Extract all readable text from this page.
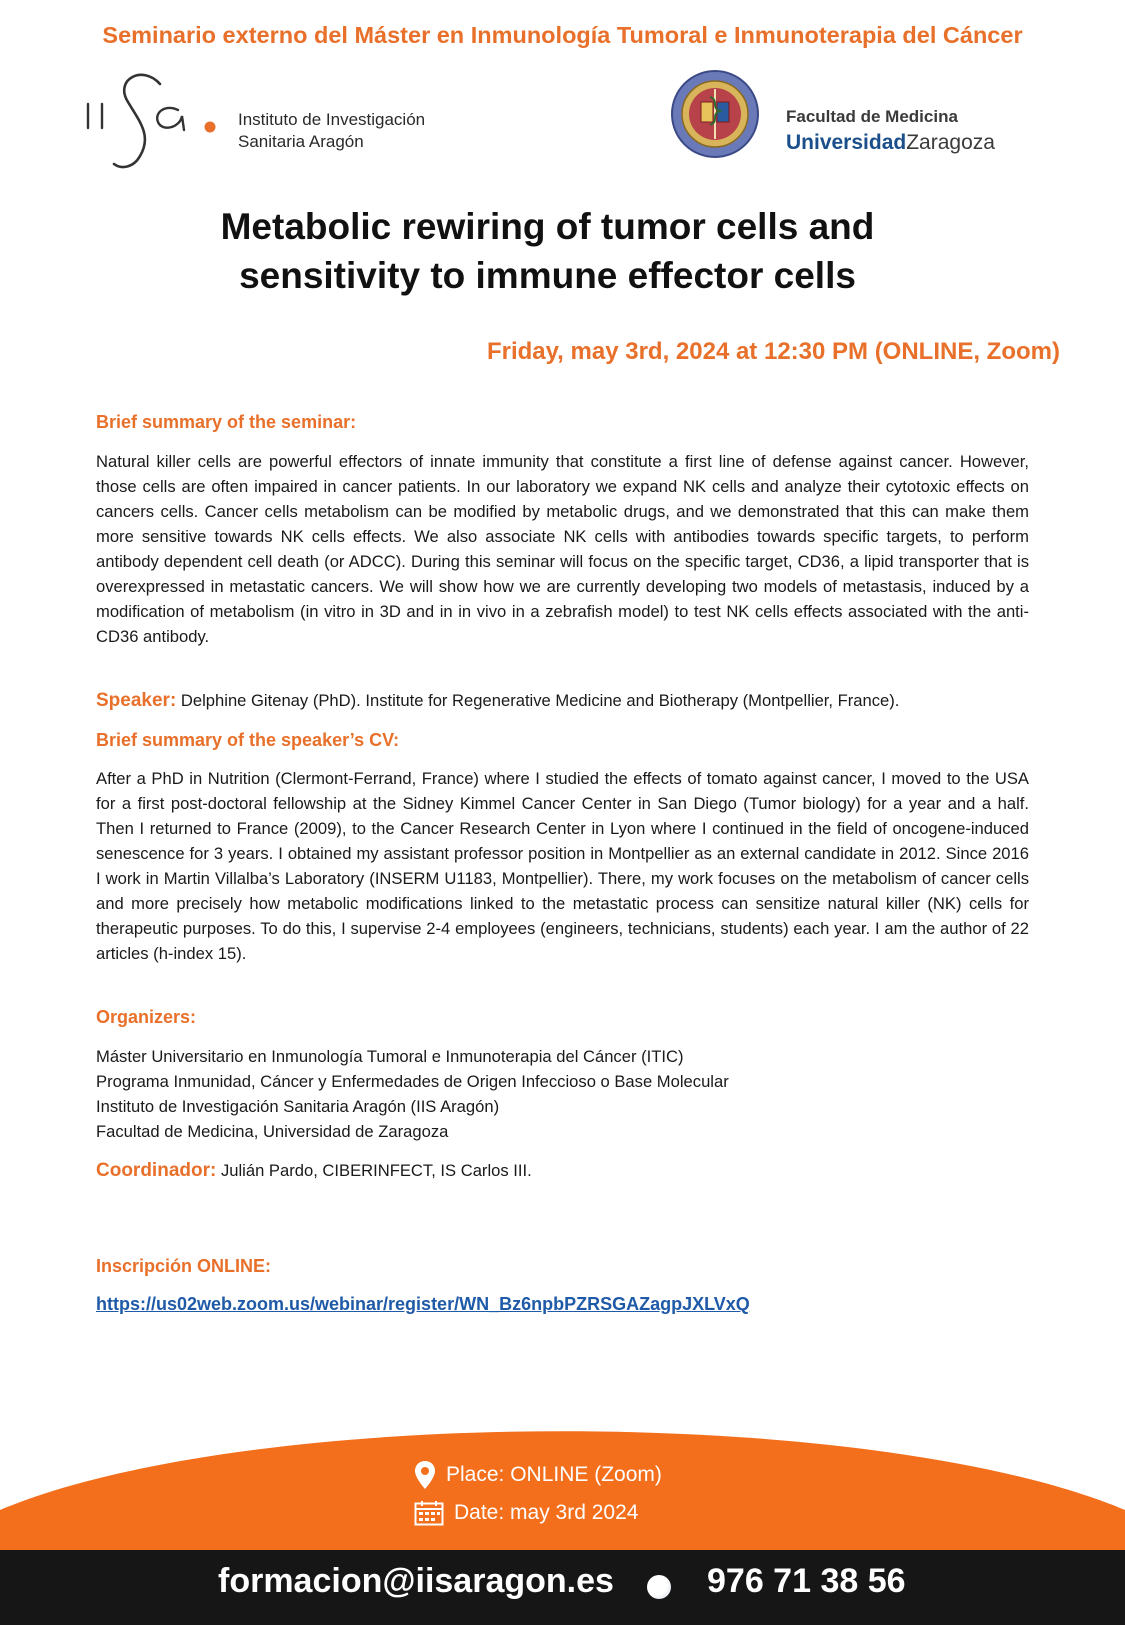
Seminario externo del Máster en Inmunología Tumoral e Inmunoterapia del Cáncer
Instituto de Investigación
Sanitaria Aragón
Facultad de Medicina
UniversidadZaragoza
Metabolic rewiring of tumor cells and
sensitivity to immune effector cells
Friday, may 3rd, 2024 at 12:30 PM (ONLINE, Zoom)
Brief summary of the seminar:
Natural killer cells are powerful effectors of innate immunity that constitute a first line of defense against cancer. However, those cells are often impaired in cancer patients. In our laboratory we expand NK cells and analyze their cytotoxic effects on cancers cells. Cancer cells metabolism can be modified by metabolic drugs, and we demonstrated that this can make them more sensitive towards NK cells effects. We also associate NK cells with antibodies towards specific targets, to perform antibody dependent cell death (or ADCC). During this seminar will focus on the specific target, CD36, a lipid transporter that is overexpressed in metastatic cancers. We will show how we are currently developing two models of metastasis, induced by a modification of metabolism (in vitro in 3D and in in vivo in a zebrafish model) to test NK cells effects associated with the anti-CD36 antibody.
Speaker: Delphine Gitenay (PhD). Institute for Regenerative Medicine and Biotherapy (Montpellier, France).
Brief summary of the speaker’s CV:
After a PhD in Nutrition (Clermont-Ferrand, France) where I studied the effects of tomato against cancer, I moved to the USA for a first post-doctoral fellowship at the Sidney Kimmel Cancer Center in San Diego (Tumor biology) for a year and a half. Then I returned to France (2009), to the Cancer Research Center in Lyon where I continued in the field of oncogene-induced senescence for 3 years. I obtained my assistant professor position in Montpellier as an external candidate in 2012. Since 2016 I work in Martin Villalba’s Laboratory (INSERM U1183, Montpellier). There, my work focuses on the metabolism of cancer cells and more precisely how metabolic modifications linked to the metastatic process can sensitize natural killer (NK) cells for therapeutic purposes. To do this, I supervise 2-4 employees (engineers, technicians, students) each year. I am the author of 22 articles (h-index 15).
Organizers:
Máster Universitario en Inmunología Tumoral e Inmunoterapia del Cáncer (ITIC)
Programa Inmunidad, Cáncer y Enfermedades de Origen Infeccioso o Base Molecular
Instituto de Investigación Sanitaria Aragón (IIS Aragón)
Facultad de Medicina, Universidad de Zaragoza
Coordinador: Julián Pardo, CIBERINFECT, IS Carlos III.
Inscripción ONLINE:
https://us02web.zoom.us/webinar/register/WN_Bz6npbPZRSGAZagpJXLVxQ
Place: ONLINE (Zoom)
Date: may 3rd 2024
formacion@iisaragon.es	976 71 38 56
